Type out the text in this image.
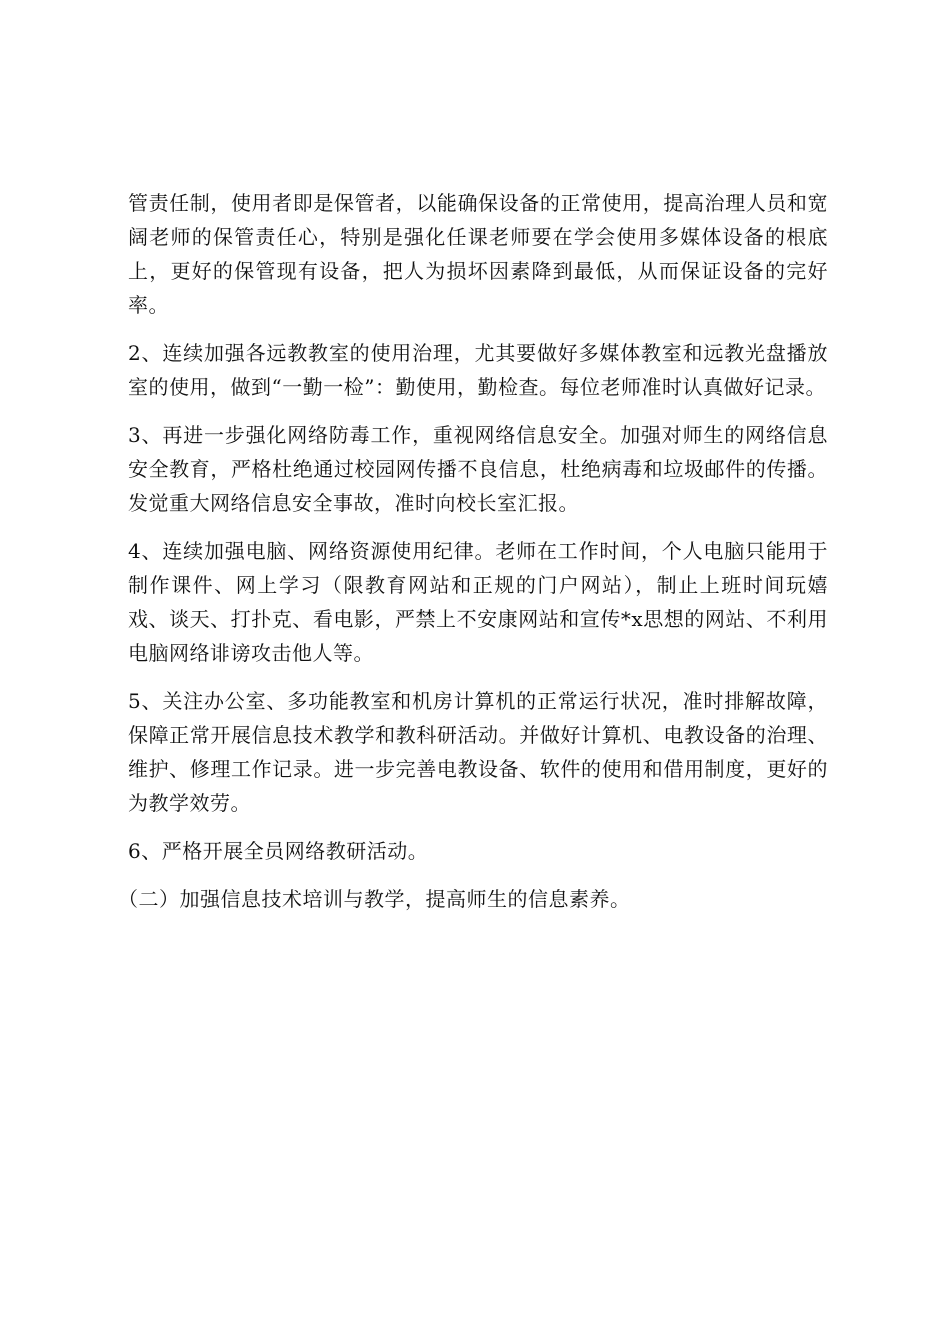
管责任制，使用者即是保管者，以能确保设备的正常使用，提高治理人员和宽阔老师的保管责任心，特别是强化任课老师要在学会使用多媒体设备的根底上，更好的保管现有设备，把人为损坏因素降到最低，从而保证设备的完好率。

2、连续加强各远教教室的使用治理，尤其要做好多媒体教室和远教光盘播放室的使用，做到“一勤一检”：勤使用，勤检查。每位老师准时认真做好记录。

3、再进一步强化网络防毒工作，重视网络信息安全。加强对师生的网络信息安全教育，严格杜绝通过校园网传播不良信息，杜绝病毒和垃圾邮件的传播。发觉重大网络信息安全事故，准时向校长室汇报。

4、连续加强电脑、网络资源使用纪律。老师在工作时间，个人电脑只能用于制作课件、网上学习（限教育网站和正规的门户网站），制止上班时间玩嬉戏、谈天、打扑克、看电影，严禁上不安康网站和宣传*x思想的网站、不利用电脑网络诽谤攻击他人等。

5、关注办公室、多功能教室和机房计算机的正常运行状况，准时排解故障，保障正常开展信息技术教学和教科研活动。并做好计算机、电教设备的治理、维护、修理工作记录。进一步完善电教设备、软件的使用和借用制度，更好的为教学效劳。

6、严格开展全员网络教研活动。

（二）加强信息技术培训与教学，提高师生的信息素养。
